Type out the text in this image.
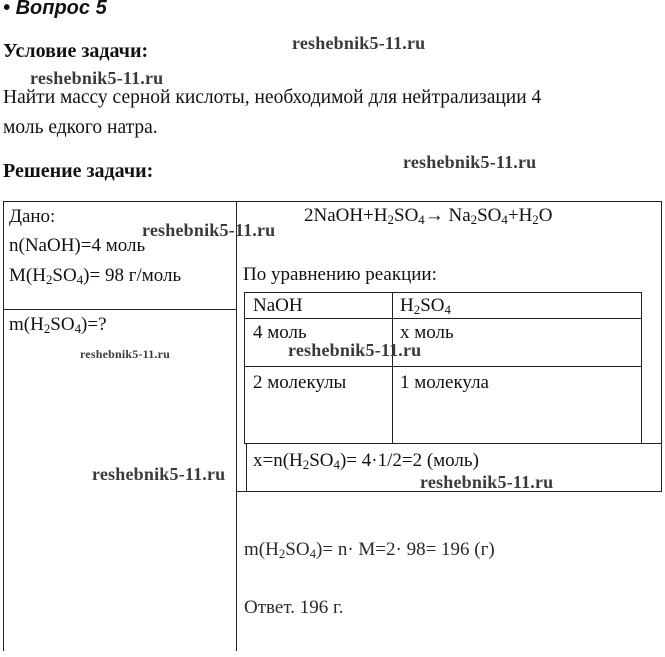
• Вопрос 5
Условие задачи:
Найти массу серной кислоты, необходимой для нейтрализации 4
моль едкого натра.
Решение задачи:
Дано:
n(NaOH)=4 моль
$M(H_2SO_4)= 98$ г/моль
$m(H_2SO_4)=$?
$2NaOH+H_2SO_4\to Na_2SO_4+H_2O$
По уравнению реакции:
NaOH	$H_2SO_4$
4 моль	x моль
2 молекулы	1 молекула
$x=n(H_2SO_4)= 4\cdot 1/2=2$ (моль)
$m(H_2SO_4)= n\cdot M=2\cdot 98= 196$ (г)
Ответ. 196 г.
reshebnik5-11.ru
reshebnik5-11.ru
reshebnik5-11.ru
reshebnik5-11.ru
reshebnik5-11.ru	reshebnik5-11.ru
reshebnik5-11.ru	reshebnik5-11.ru
